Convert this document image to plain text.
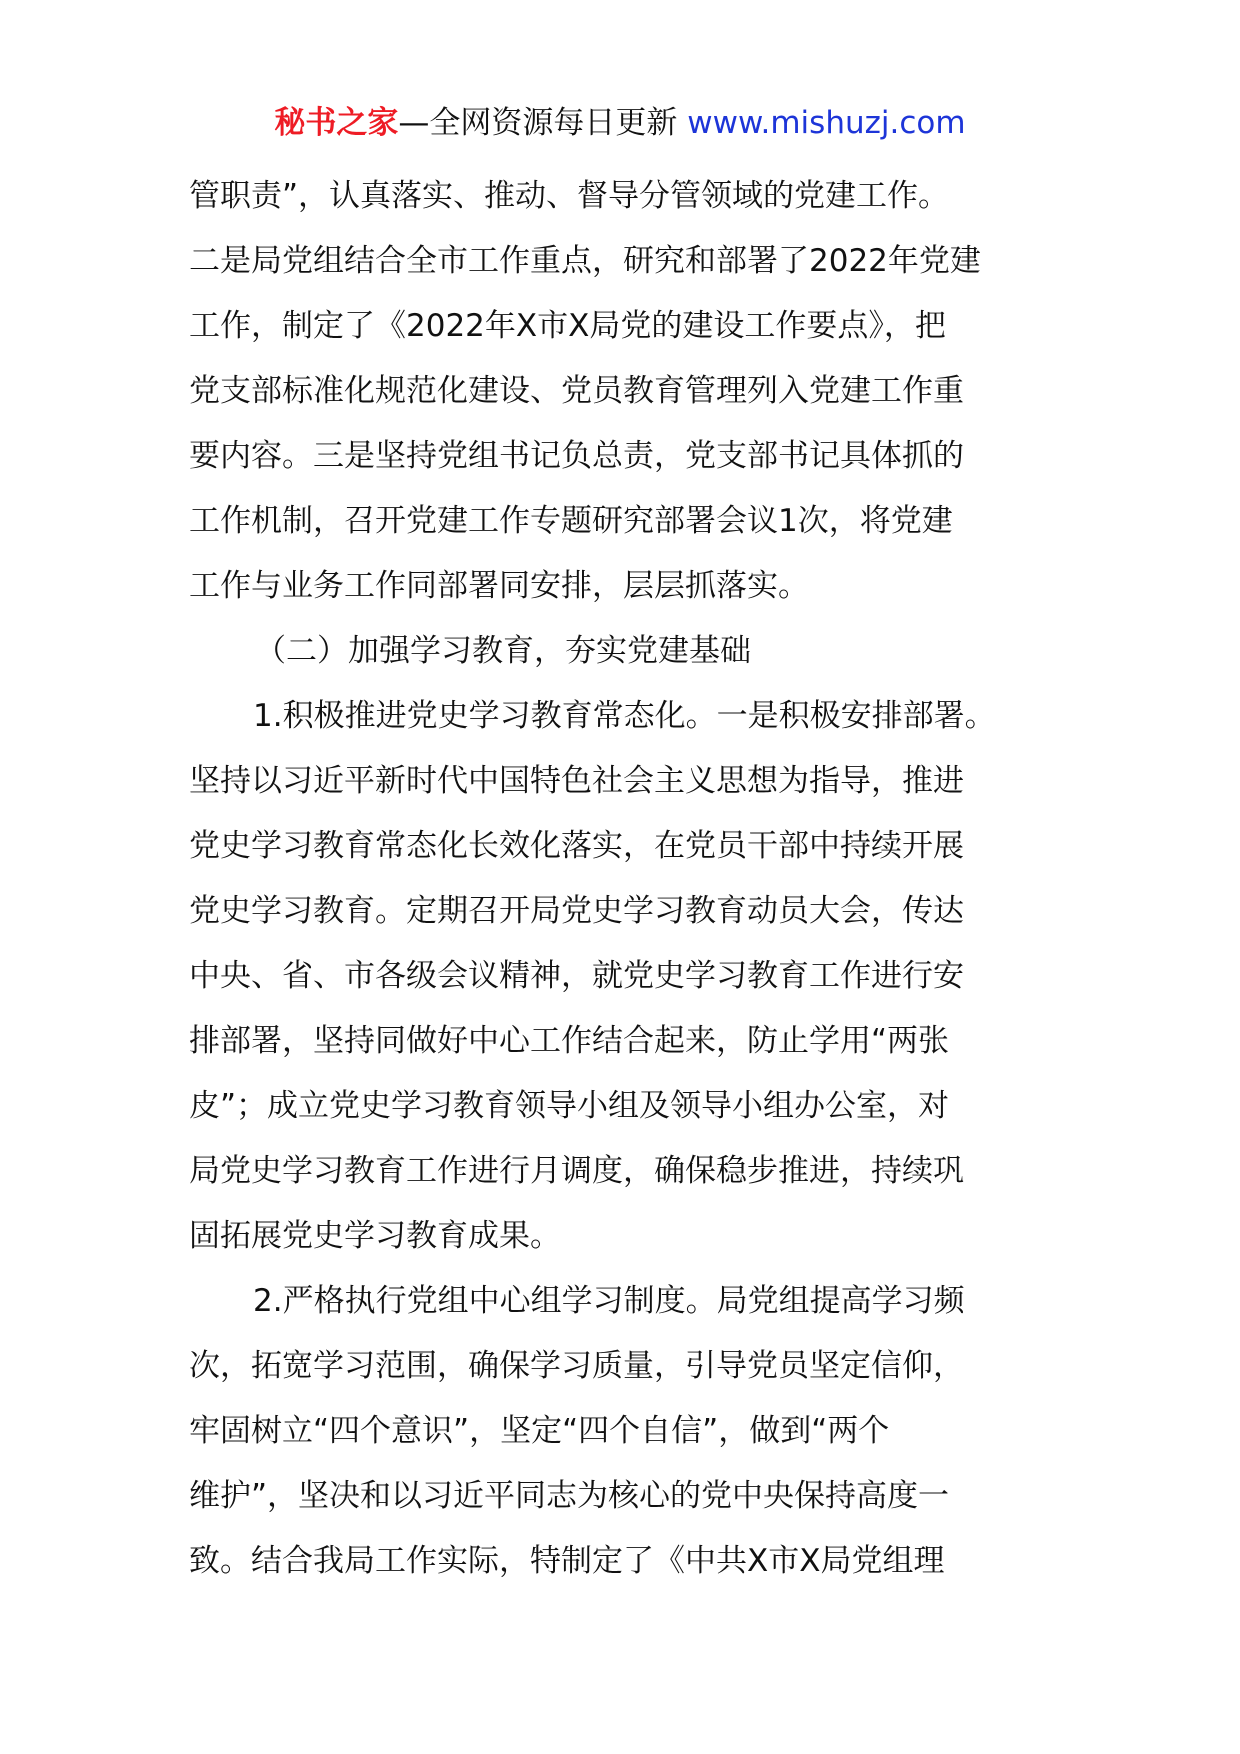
秘书之家—全网资源每日更新 www.mishuzj.com
管职责”，认真落实、推动、督导分管领域的党建工作。
二是局党组结合全市工作重点，研究和部署了2022年党建
工作，制定了《2022年X市X局党的建设工作要点》，把
党支部标准化规范化建设、党员教育管理列入党建工作重
要内容。三是坚持党组书记负总责，党支部书记具体抓的
工作机制，召开党建工作专题研究部署会议1次，将党建
工作与业务工作同部署同安排，层层抓落实。
（二）加强学习教育，夯实党建基础
1.积极推进党史学习教育常态化。一是积极安排部署。
坚持以习近平新时代中国特色社会主义思想为指导，推进
党史学习教育常态化长效化落实，在党员干部中持续开展
党史学习教育。定期召开局党史学习教育动员大会，传达
中央、省、市各级会议精神，就党史学习教育工作进行安
排部署，坚持同做好中心工作结合起来，防止学用“两张
皮”；成立党史学习教育领导小组及领导小组办公室，对
局党史学习教育工作进行月调度，确保稳步推进，持续巩
固拓展党史学习教育成果。
2.严格执行党组中心组学习制度。局党组提高学习频
次，拓宽学习范围，确保学习质量，引导党员坚定信仰，
牢固树立“四个意识”，坚定“四个自信”，做到“两个
维护”，坚决和以习近平同志为核心的党中央保持高度一
致。结合我局工作实际，特制定了《中共X市X局党组理
